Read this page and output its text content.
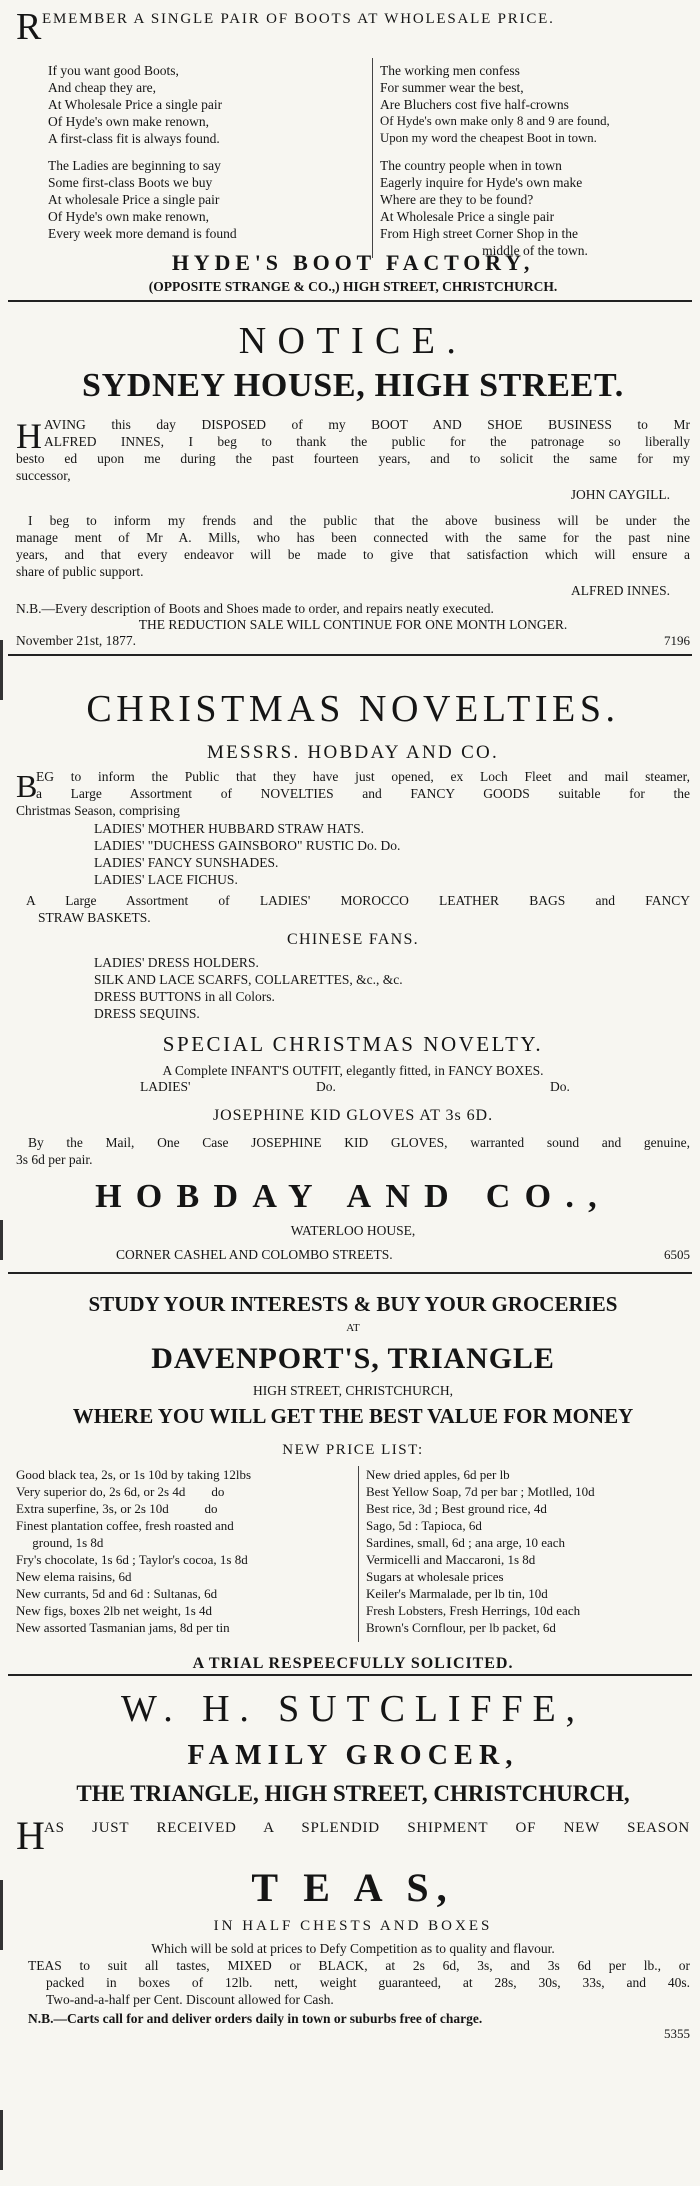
R EMEMBER A SINGLE PAIR OF BOOTS AT WHOLESALE PRICE.
If you want good Boots,
And cheap they are,
At Wholesale Price a single pair
Of Hyde's own make renown,
A first-class fit is always found.
The Ladies are beginning to say
Some first-class Boots we buy
At wholesale Price a single pair
Of Hyde's own make renown,
Every week more demand is found
The working men confess
For summer wear the best,
Are Bluchers cost five half-crowns
Of Hyde's own make only 8 and 9 are found,
Upon my word the cheapest Boot in town.
The country people when in town
Eagerly inquire for Hyde's own make
Where are they to be found?
At Wholesale Price a single pair
From High street Corner Shop in the
middle of the town.
HYDE'S BOOT FACTORY,
(OPPOSITE STRANGE & CO.,) HIGH STREET, CHRISTCHURCH.
NOTICE.
SYDNEY HOUSE, HIGH STREET.
H AVING this day DISPOSED of my BOOT AND SHOE BUSINESS to Mr
ALFRED INNES, I beg to thank the public for the patronage so liberally
besto ed upon me during the past fourteen years, and to solicit the same for my
successor,
JOHN CAYGILL.
I beg to inform my frends and the public that the above business will be under the
manage ment of Mr A. Mills, who has been connected with the same for the past nine
years, and that every endeavor will be made to give that satisfaction which will ensure a
share of public support.
ALFRED INNES.
N.B.—Every description of Boots and Shoes made to order, and repairs neatly executed.
THE REDUCTION SALE WILL CONTINUE FOR ONE MONTH LONGER.
November 21st, 1877.	7196
CHRISTMAS NOVELTIES.
MESSRS. HOBDAY AND CO.
B
EG to inform the Public that they have just opened, ex Loch Fleet and mail steamer,
a Large Assortment of NOVELTIES and FANCY GOODS suitable for the
Christmas Season, comprising
LADIES' MOTHER HUBBARD STRAW HATS.
LADIES' "DUCHESS GAINSBORO" RUSTIC Do. Do.
LADIES' FANCY SUNSHADES.
LADIES' LACE FICHUS.
A Large Assortment of LADIES' MOROCCO LEATHER BAGS and FANCY
STRAW BASKETS.
CHINESE FANS.
LADIES' DRESS HOLDERS.
SILK AND LACE SCARFS, COLLARETTES, &c., &c.
DRESS BUTTONS in all Colors.
DRESS SEQUINS.
SPECIAL CHRISTMAS NOVELTY.
A Complete INFANT'S OUTFIT, elegantly fitted, in FANCY BOXES.
LADIES'	Do.	Do.
JOSEPHINE KID GLOVES AT 3s 6D.
By the Mail, One Case JOSEPHINE KID GLOVES, warranted sound and genuine,
3s 6d per pair.
HOBDAY AND CO.,
WATERLOO HOUSE,
CORNER CASHEL AND COLOMBO STREETS.	6505
STUDY YOUR INTERESTS & BUY YOUR GROCERIES
AT
DAVENPORT'S, TRIANGLE
HIGH STREET, CHRISTCHURCH,
WHERE YOU WILL GET THE BEST VALUE FOR MONEY
NEW PRICE LIST:
Good black tea, 2s, or 1s 10d by taking 12lbs
Very superior do, 2s 6d, or 2s 4d        do
Extra superfine, 3s, or 2s 10d           do
Finest plantation coffee, fresh roasted and
ground, 1s 8d
Fry's chocolate, 1s 6d ; Taylor's cocoa, 1s 8d
New elema raisins, 6d
New currants, 5d and 6d : Sultanas, 6d
New figs, boxes 2lb net weight, 1s 4d
New assorted Tasmanian jams, 8d per tin
New dried apples, 6d per lb
Best Yellow Soap, 7d per bar ; Motlled, 10d
Best rice, 3d ; Best ground rice, 4d
Sago, 5d : Tapioca, 6d
Sardines, small, 6d ; ana arge, 10 each
Vermicelli and Maccaroni, 1s 8d
Sugars at wholesale prices
Keiler's Marmalade, per lb tin, 10d
Fresh Lobsters, Fresh Herrings, 10d each
Brown's Cornflour, per lb packet, 6d
A TRIAL RESPEECFULLY SOLICITED.
W. H. SUTCLIFFE,
FAMILY GROCER,
THE TRIANGLE, HIGH STREET, CHRISTCHURCH,
H AS JUST RECEIVED A SPLENDID SHIPMENT OF NEW SEASON
T E A S,
IN HALF CHESTS AND BOXES
Which will be sold at prices to Defy Competition as to quality and flavour.
TEAS to suit all tastes, MIXED or BLACK, at 2s 6d, 3s, and 3s 6d per lb., or
packed in boxes of 12lb. nett, weight guaranteed, at 28s, 30s, 33s, and 40s.
Two-and-a-half per Cent. Discount allowed for Cash.
N.B.—Carts call for and deliver orders daily in town or suburbs free of charge.
5355
